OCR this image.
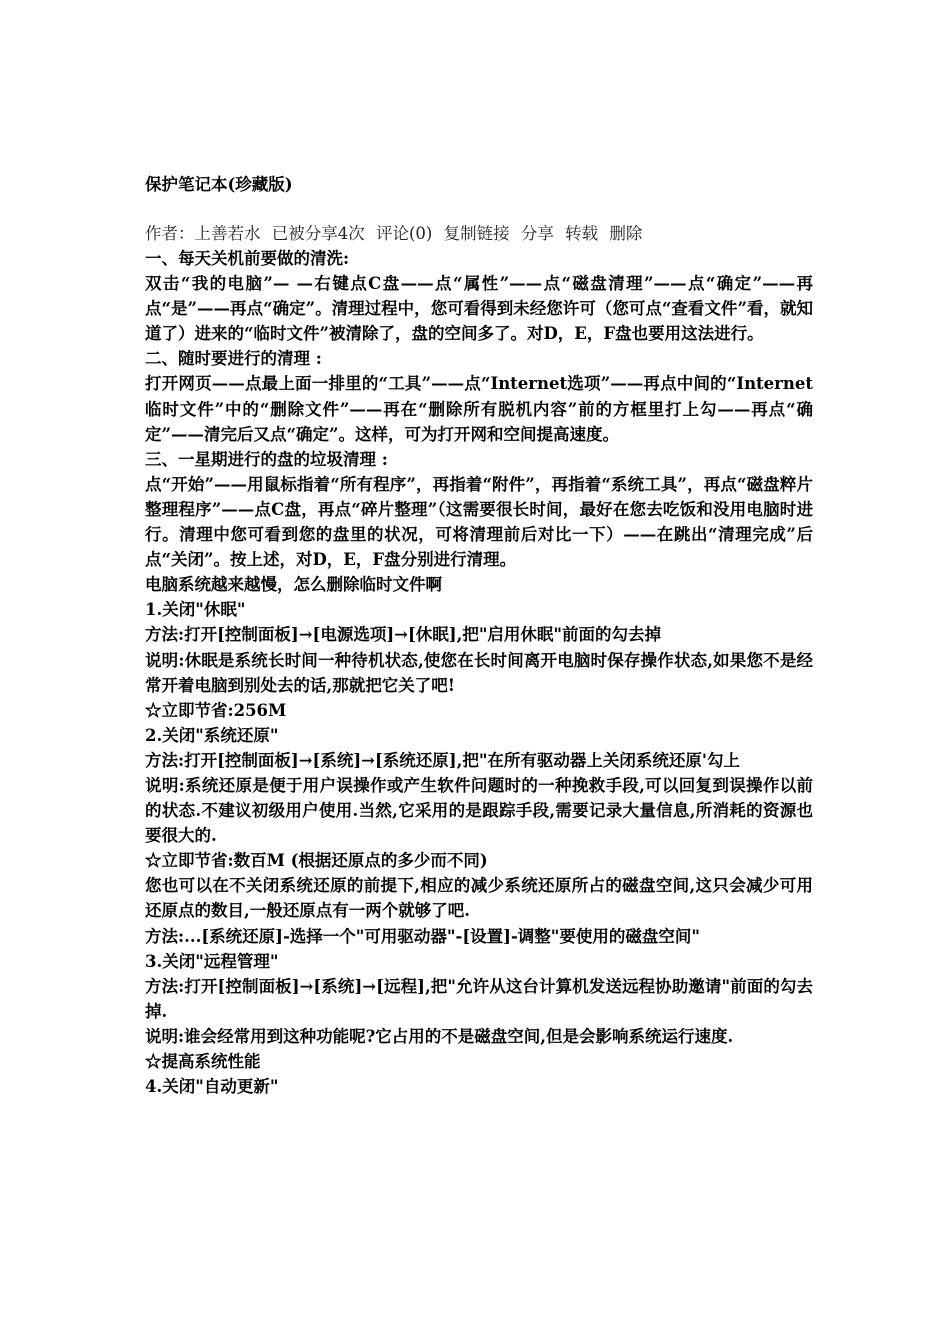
保护笔记本(珍藏版)
作者：上善若水 已被分享4次 评论(0) 复制链接 分享 转载 删除

一、每天关机前要做的清洗:

双击“我的电脑”— —右键点C盘——点“属性”——点“磁盘清理”——点“确定”——再点“是”——再点“确定”。清理过程中，您可看得到未经您许可（您可点“查看文件”看，就知道了）进来的“临时文件”被清除了，盘的空间多了。对D，E，F盘也要用这法进行。

二、随时要进行的清理 :

打开网页——点最上面一排里的“工具”——点“Internet选项”——再点中间的“Internet临时文件”中的“删除文件”——再在“删除所有脱机内容”前的方框里打上勾——再点“确定”——清完后又点“确定”。这样，可为打开网和空间提高速度。

三、一星期进行的盘的垃圾清理 :

点“开始”——用鼠标指着“所有程序”，再指着“附件”，再指着“系统工具”，再点“磁盘粹片整理程序”——点C盘，再点“碎片整理”（这需要很长时间，最好在您去吃饭和没用电脑时进行。清理中您可看到您的盘里的状况，可将清理前后对比一下）——在跳出“清理完成”后点“关闭”。按上述，对D，E，F盘分别进行清理。

电脑系统越来越慢，怎么删除临时文件啊

1.关闭"休眠"

方法:打开[控制面板]→[电源选项]→[休眠],把"启用休眠"前面的勾去掉

说明:休眠是系统长时间一种待机状态,使您在长时间离开电脑时保存操作状态,如果您不是经常开着电脑到别处去的话,那就把它关了吧!

☆立即节省:256M

2.关闭"系统还原"

方法:打开[控制面板]→[系统]→[系统还原],把"在所有驱动器上关闭系统还原'勾上

说明:系统还原是便于用户误操作或产生软件问题时的一种挽救手段,可以回复到误操作以前的状态.不建议初级用户使用.当然,它采用的是跟踪手段,需要记录大量信息,所消耗的资源也要很大的.

☆立即节省:数百M (根据还原点的多少而不同)

您也可以在不关闭系统还原的前提下,相应的减少系统还原所占的磁盘空间,这只会减少可用还原点的数目,一般还原点有一两个就够了吧.

方法:...[系统还原]-选择一个"可用驱动器"-[设置]-调整"要使用的磁盘空间"

3.关闭"远程管理"

方法:打开[控制面板]→[系统]→[远程],把"允许从这台计算机发送远程协助邀请"前面的勾去掉.

说明:谁会经常用到这种功能呢?它占用的不是磁盘空间,但是会影响系统运行速度.

☆提高系统性能

4.关闭"自动更新"
